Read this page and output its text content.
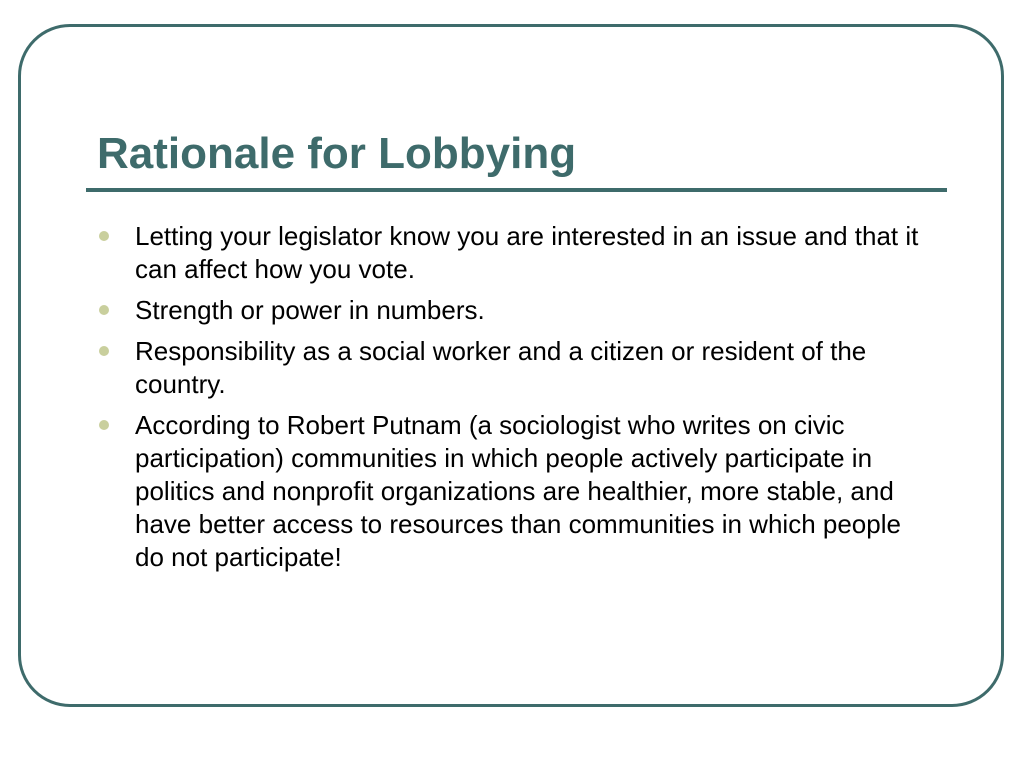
Rationale for Lobbying
Letting your legislator know you are interested in an issue and that it can affect how you vote.
Strength or power in numbers.
Responsibility as a social worker and a citizen or resident of the country.
According to Robert Putnam (a sociologist who writes on civic participation) communities in which people actively participate in politics and nonprofit organizations are healthier, more stable, and have better access to resources than communities in which people do not participate!
